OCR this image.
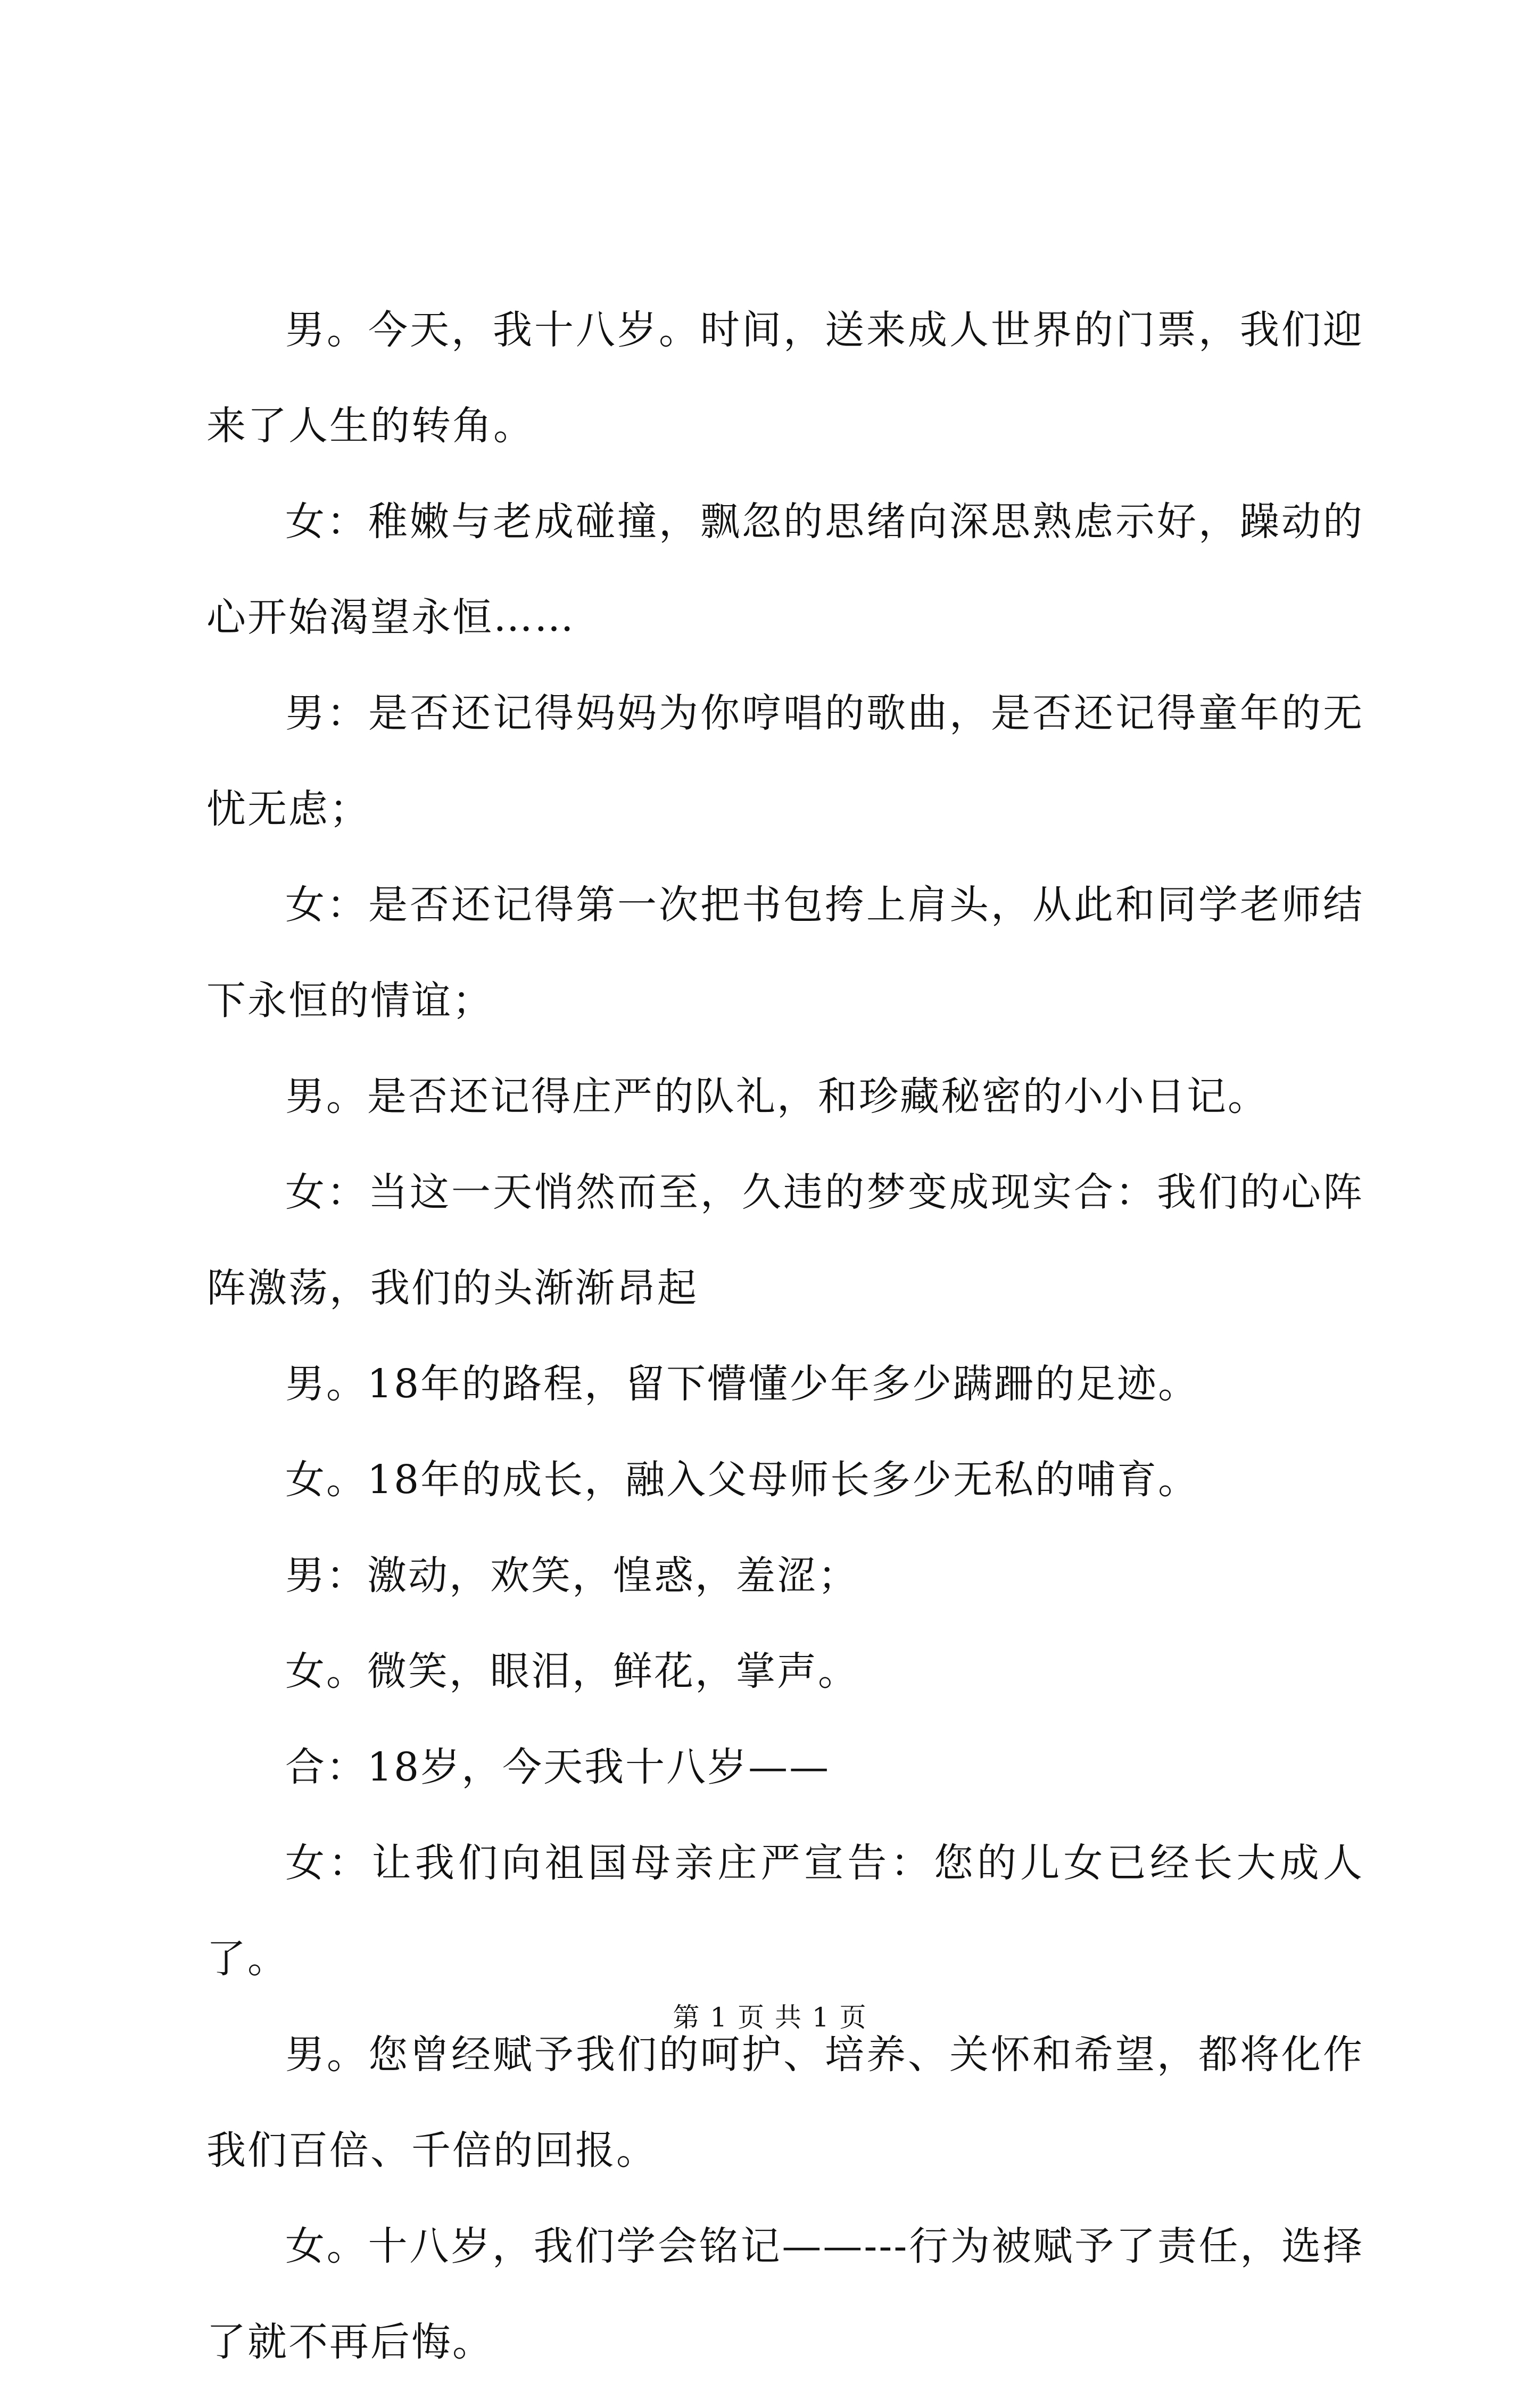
男。今天，我十八岁。时间，送来成人世界的门票，我们迎来了人生的转角。

女：稚嫩与老成碰撞，飘忽的思绪向深思熟虑示好，躁动的心开始渴望永恒……

男：是否还记得妈妈为你哼唱的歌曲，是否还记得童年的无忧无虑；

女：是否还记得第一次把书包挎上肩头，从此和同学老师结下永恒的情谊；

男。是否还记得庄严的队礼，和珍藏秘密的小小日记。

女：当这一天悄然而至，久违的梦变成现实合：我们的心阵阵激荡，我们的头渐渐昂起

男。18年的路程，留下懵懂少年多少蹒跚的足迹。

女。18年的成长，融入父母师长多少无私的哺育。

男：激动，欢笑，惶惑，羞涩；

女。微笑，眼泪，鲜花，掌声。

合：18岁，今天我十八岁——

女：让我们向祖国母亲庄严宣告：您的儿女已经长大成人了。

男。您曾经赋予我们的呵护、培养、关怀和希望，都将化作我们百倍、千倍的回报。

女。十八岁，我们学会铭记——---行为被赋予了责任，选择了就不再后悔。

第 1 页 共 1 页
